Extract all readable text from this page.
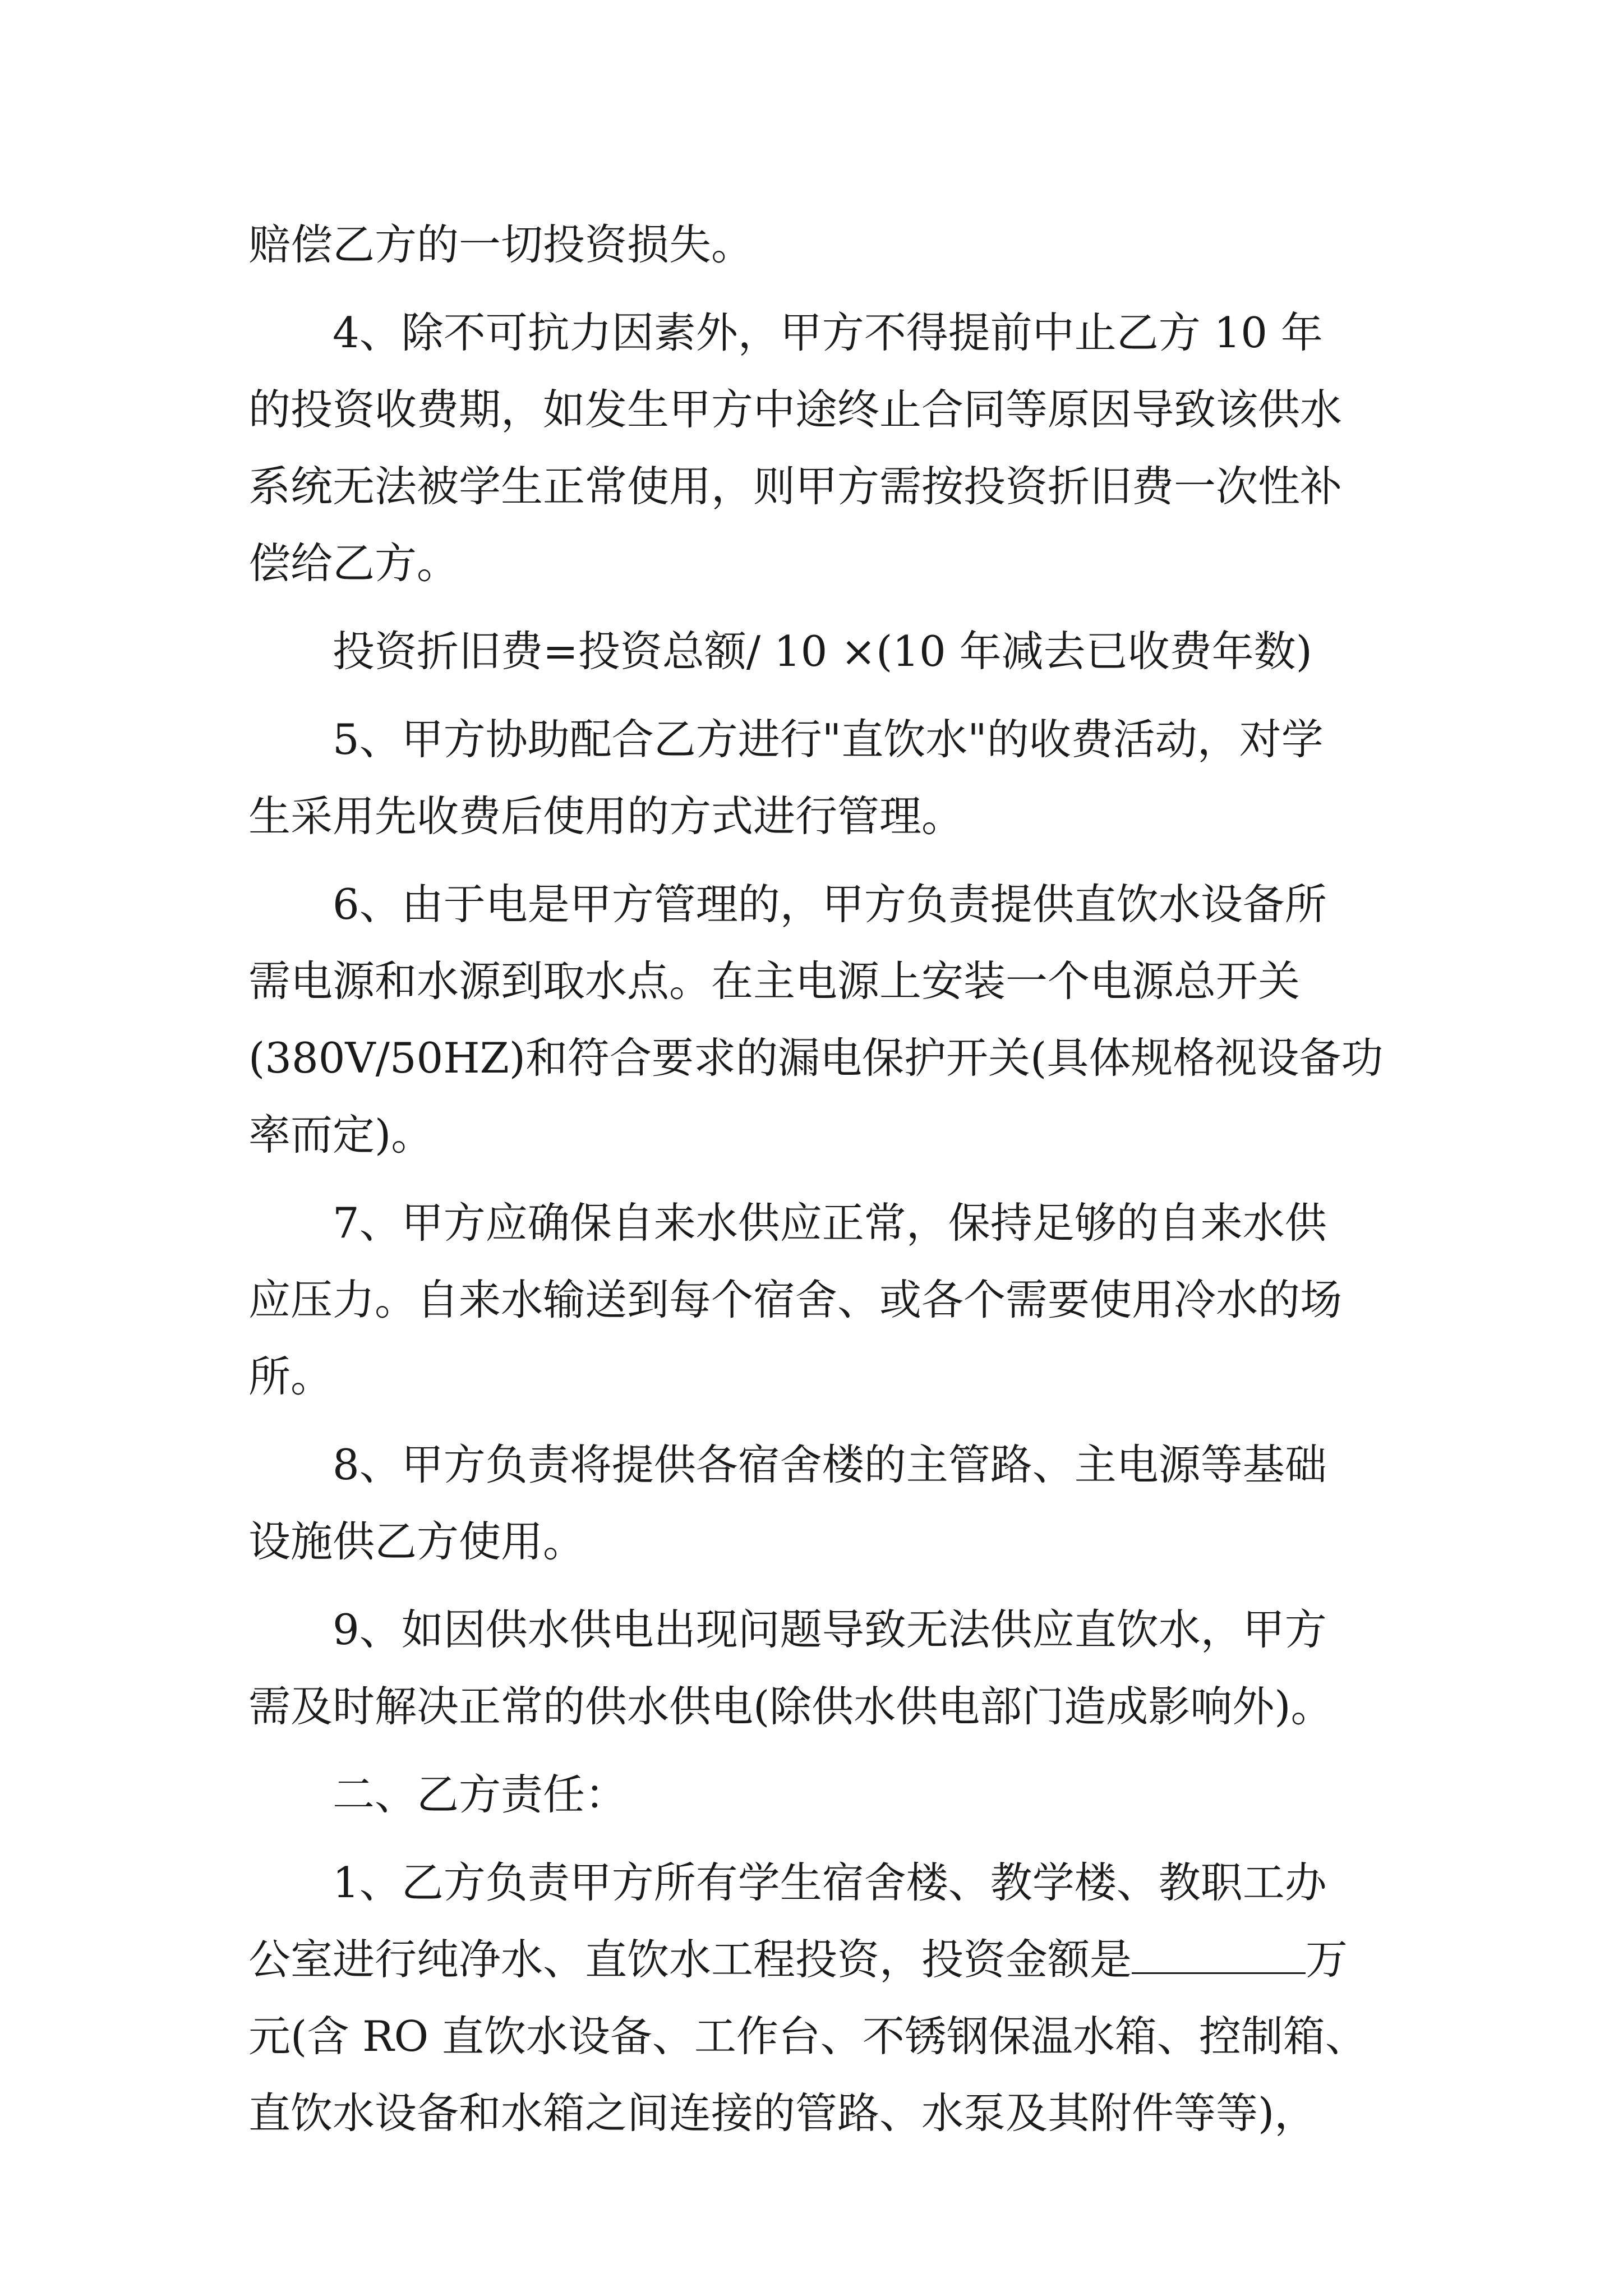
赔偿乙方的一切投资损失。

4、除不可抗力因素外，甲方不得提前中止乙方 10 年

的投资收费期，如发生甲方中途终止合同等原因导致该供水

系统无法被学生正常使用，则甲方需按投资折旧费一次性补

偿给乙方。

投资折旧费=投资总额/ 10 ×(10 年减去已收费年数)

5、甲方协助配合乙方进行"直饮水"的收费活动，对学

生采用先收费后使用的方式进行管理。

6、由于电是甲方管理的，甲方负责提供直饮水设备所

需电源和水源到取水点。在主电源上安装一个电源总开关

(380V/50HZ)和符合要求的漏电保护开关(具体规格视设备功

率而定)。

7、甲方应确保自来水供应正常，保持足够的自来水供

应压力。自来水输送到每个宿舍、或各个需要使用冷水的场

所。

8、甲方负责将提供各宿舍楼的主管路、主电源等基础

设施供乙方使用。

9、如因供水供电出现问题导致无法供应直饮水，甲方

需及时解决正常的供水供电(除供水供电部门造成影响外)。

二、乙方责任：

1、乙方负责甲方所有学生宿舍楼、教学楼、教职工办

公室进行纯净水、直饮水工程投资，投资金额是	万

元(含 RO 直饮水设备、工作台、不锈钢保温水箱、控制箱、

直饮水设备和水箱之间连接的管路、水泵及其附件等等)，
